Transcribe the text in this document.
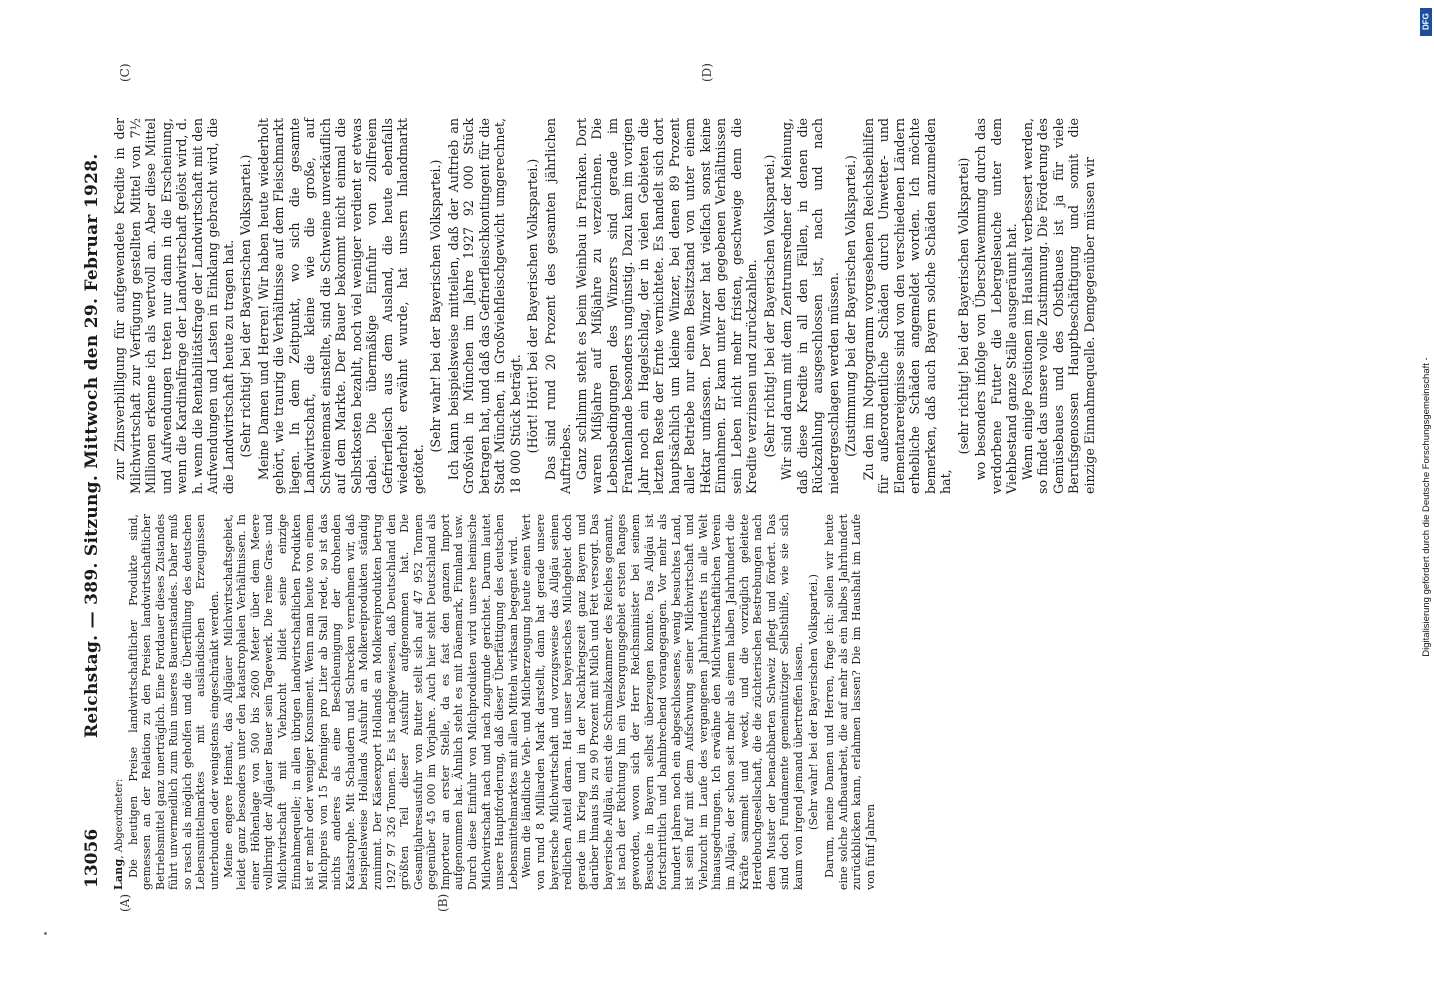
13056
Reichstag. — 389. Sitzung. Mittwoch den 29. Februar 1928.
(A)	(B)
(C)	(D)

Lang, Abgeordneter: Die heutigen Preise landwirtschaftlicher Produkte sind, gemessen an der Relation zu den Preisen landwirtschaftlicher Betriebsmittel ganz unerträglich. Eine Fortdauer dieses Zustandes führt unvermeidlich zum Ruin unseres Bauernstandes. Daher muß so rasch als möglich geholfen und die Überfüllung des deutschen Lebensmittelmarktes mit ausländischen Erzeugnissen unterbunden oder wenigstens eingeschränkt werden. Meine engere Heimat, das Allgäuer Milchwirtschaftsgebiet, leidet ganz besonders unter den katastrophalen Verhältnissen. In einer Höhenlage von 500 bis 2600 Meter über dem Meere vollbringt der Allgäuer Bauer sein Tagewerk. Die reine Gras- und Milchwirtschaft mit Viehzucht bildet seine einzige Einnahmequelle; in allen übrigen landwirtschaftlichen Produkten ist er mehr oder weniger Konsument. Wenn man heute von einem Milchpreis von 15 Pfennigen pro Liter ab Stall redet, so ist das nichts anderes als eine Beschleunigung der drohenden Katastrophe. Mit Schaudern und Schrecken vernehmen wir, daß beispielsweise Hollands Ausfuhr an Molkereiprodukten ständig zunimmt. Der Käseexport Hollands an Molkereiprodukten betrug 1927 97 326 Tonnen. Es ist nachgewiesen, daß Deutschland den größten Teil dieser Ausfuhr aufgenommen hat. Die Gesamtjahresausfuhr von Butter stellt sich auf 47 952 Tonnen gegenüber 45 000 im Vorjahre. Auch hier steht Deutschland als Importeur an erster Stelle, da es fast den ganzen Import aufgenommen hat. Ähnlich steht es mit Dänemark, Finnland usw. Durch diese Einfuhr von Milchprodukten wird unsere heimische Milchwirtschaft nach und nach zugrunde gerichtet. Darum lautet unsere Hauptforderung, daß dieser Überfättigung des deutschen Lebensmittelmarktes mit allen Mitteln wirksam begegnet wird. Wenn die ländliche Vieh- und Milcherzeugung heute einen Wert von rund 8 Milliarden Mark darstellt, dann hat gerade unsere bayerische Milchwirtschaft und vorzugsweise das Allgäu seinen redlichen Anteil daran. Hat unser bayerisches Milchgebiet doch gerade im Krieg und in der Nachkriegszeit ganz Bayern und darüber hinaus bis zu 90 Prozent mit Milch und Fett versorgt. Das bayerische Allgäu, einst die Schmalzkammer des Reiches genannt, ist nach der Richtung hin ein Versorgungsgebiet ersten Ranges geworden, wovon sich der Herr Reichsminister bei seinem Besuche in Bayern selbst überzeugen konnte. Das Allgäu ist fortschrittlich und bahnbrechend vorangegangen. Vor mehr als hundert Jahren noch ein abgeschlossenes, wenig besuchtes Land, ist sein Ruf mit dem Aufschwung seiner Milchwirtschaft und Viehzucht im Laufe des vergangenen Jahrhunderts in alle Welt hinausgedrungen. Ich erwähne den Milchwirtschaftlichen Verein im Allgäu, der schon seit mehr als einem halben Jahrhundert die Kräfte sammelt und weckt, und die vorzüglich geleitete Herdebuchgesellschaft, die die züchterischen Bestrebungen nach dem Muster der benachbarten Schweiz pflegt und fördert. Das sind doch Fundamente gemeinnütziger Selbsthilfe, wie sie sich kaum von irgend jemand übertreffen lassen. (Sehr wahr! bei der Bayerischen Volkspartei.) Darum, meine Damen und Herren, frage ich: sollen wir heute eine solche Aufbauarbeit, die auf mehr als ein halbes Jahrhundert zurückblicken kann, erlahmen lassen? Die im Haushalt im Laufe von fünf Jahren

zur Zinsverbilligung für aufgewendete Kredite in der Milchwirtschaft zur Verfügung gestellten Mittel von 7½ Millionen erkenne ich als wertvoll an. Aber diese Mittel und Aufwendungen treten nur dann in die Erscheinung, wenn die Kardinalfrage der Landwirtschaft gelöst wird, d. h. wenn die Rentabilitätsfrage der Landwirtschaft mit den Aufwendungen und Lasten in Einklang gebracht wird, die die Landwirtschaft heute zu tragen hat. (Sehr richtig! bei der Bayerischen Volkspartei.) Meine Damen und Herren! Wir haben heute wiederholt gehört, wie traurig die Verhältnisse auf dem Fleischmarkt liegen. In dem Zeitpunkt, wo sich die gesamte Landwirtschaft, die kleine wie die große, auf Schweinemast einstellte, sind die Schweine unverkäuflich auf dem Markte. Der Bauer bekommt nicht einmal die Selbstkosten bezahlt, noch viel weniger verdient er etwas dabei. Die übermäßige Einfuhr von zollfreiem Gefrierfleisch aus dem Ausland, die heute ebenfalls wiederholt erwähnt wurde, hat unsern Inlandmarkt getötet.

(Sehr wahr! bei der Bayerischen Volkspartei.) Ich kann beispielsweise mitteilen, daß der Auftrieb an Großvieh in München im Jahre 1927 92 000 Stück betragen hat, und daß das Gefrierfleischkontingent für die Stadt München, in Großviehfleischgewicht umgerechnet, 18 000 Stück beträgt. (Hört! Hört! bei der Bayerischen Volkspartei.) Das sind rund 20 Prozent des gesamten jährlichen Auftriebes. Ganz schlimm steht es beim Weinbau in Franken. Dort waren Mißjahre auf Mißjahre zu verzeichnen. Die Lebensbedingungen des Winzers sind gerade im Frankenlande besonders ungünstig. Dazu kam im vorigen Jahr noch ein Hagelschlag, der in vielen Gebieten die letzten Reste der Ernte vernichtete. Es handelt sich dort hauptsächlich um kleine Winzer, bei denen 89 Prozent aller Betriebe nur einen Besitzstand von unter einem Hektar umfassen. Der Winzer hat vielfach sonst keine Einnahmen. Er kann unter den gegebenen Verhältnissen sein Leben nicht mehr fristen, geschweige denn die Kredite verzinsen und zurückzahlen. (Sehr richtig! bei der Bayerischen Volkspartei.) Wir sind darum mit dem Zentrumsredner der Meinung, daß diese Kredite in all den Fällen, in denen die Rückzahlung ausgeschlossen ist, nach und nach niedergeschlagen werden müssen. (Zustimmung bei der Bayerischen Volkspartei.) Zu den im Notprogramm vorgesehenen Reichsbeihilfen für außerordentliche Schäden durch Unwetter- und Elementarereignisse sind von den verschiedenen Ländern erhebliche Schäden angemeldet worden. Ich möchte bemerken, daß auch Bayern solche Schäden anzumelden hat,

(sehr richtig! bei der Bayerischen Volkspartei) wo besonders infolge von Überschwemmung durch das verdorbene Futter die Lebergelseuche unter dem Viehbestand ganze Ställe ausgeräumt hat. Wenn einige Positionen im Haushalt verbessert werden, so findet das unsere volle Zustimmung. Die Förderung des Gemüsebaues und des Obstbaues ist ja für viele Berufsgenossen Hauptbeschäftigung und somit die einzige Einnahmequelle. Demgegenüber müssen wir

Digitalisierung gefördert durch die Deutsche Forschungsgemeinschaft -
DFG
